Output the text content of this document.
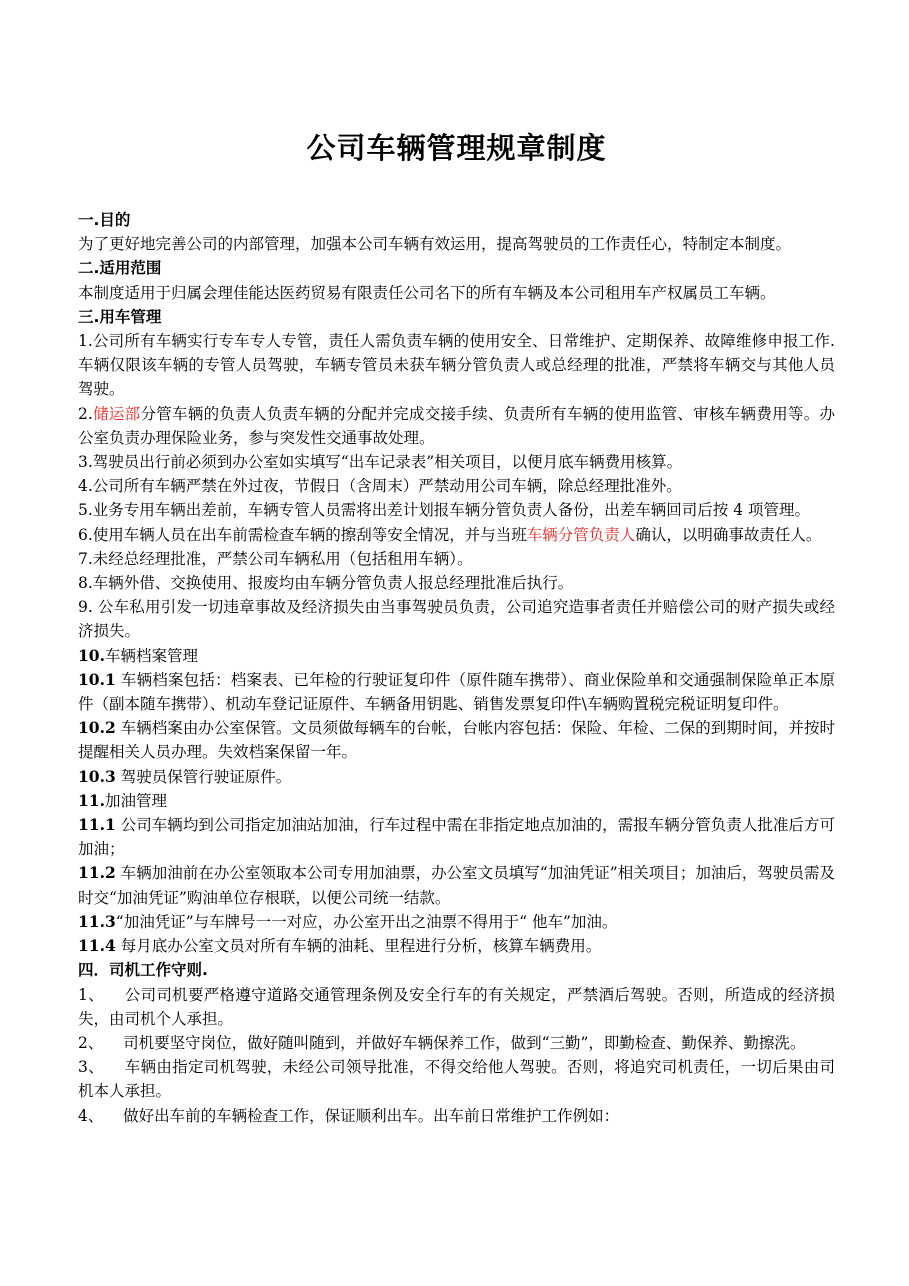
公司车辆管理规章制度

一.目的

为了更好地完善公司的内部管理，加强本公司车辆有效运用，提高驾驶员的工作责任心，特制定本制度。

二.适用范围

本制度适用于归属会理佳能达医药贸易有限责任公司名下的所有车辆及本公司租用车产权属员工车辆。

三.用车管理

1.公司所有车辆实行专车专人专管，责任人需负责车辆的使用安全、日常维护、定期保养、故障维修申报工作.车辆仅限该车辆的专管人员驾驶，车辆专管员未获车辆分管负责人或总经理的批准，严禁将车辆交与其他人员驾驶。

2.储运部分管车辆的负责人负责车辆的分配并完成交接手续、负责所有车辆的使用监管、审核车辆费用等。办公室负责办理保险业务，参与突发性交通事故处理。

3.驾驶员出行前必须到办公室如实填写“出车记录表”相关项目，以便月底车辆费用核算。

4.公司所有车辆严禁在外过夜，节假日（含周末）严禁动用公司车辆，除总经理批准外。

5.业务专用车辆出差前，车辆专管人员需将出差计划报车辆分管负责人备份，出差车辆回司后按 4 项管理。

6.使用车辆人员在出车前需检查车辆的擦刮等安全情况，并与当班车辆分管负责人确认，以明确事故责任人。

7.未经总经理批准，严禁公司车辆私用（包括租用车辆）。

8.车辆外借、交换使用、报废均由车辆分管负责人报总经理批准后执行。

9. 公车私用引发一切违章事故及经济损失由当事驾驶员负责，公司追究造事者责任并赔偿公司的财产损失或经济损失。

10.车辆档案管理

10.1 车辆档案包括：档案表、已年检的行驶证复印件（原件随车携带）、商业保险单和交通强制保险单正本原件（副本随车携带）、机动车登记证原件、车辆备用钥匙、销售发票复印件\车辆购置税完税证明复印件。

10.2 车辆档案由办公室保管。文员须做每辆车的台帐，台帐内容包括：保险、年检、二保的到期时间，并按时提醒相关人员办理。失效档案保留一年。

10.3 驾驶员保管行驶证原件。

11.加油管理

11.1 公司车辆均到公司指定加油站加油，行车过程中需在非指定地点加油的，需报车辆分管负责人批准后方可加油；

11.2 车辆加油前在办公室领取本公司专用加油票，办公室文员填写“加油凭证”相关项目；加油后，驾驶员需及时交“加油凭证”购油单位存根联，以便公司统一结款。

11.3“加油凭证”与车牌号一一对应，办公室开出之油票不得用于“ 他车”加油。

11.4 每月底办公室文员对所有车辆的油耗、里程进行分析，核算车辆费用。

四．司机工作守则.

1、    公司司机要严格遵守道路交通管理条例及安全行车的有关规定，严禁酒后驾驶。否则，所造成的经济损失，由司机个人承担。

2、    司机要坚守岗位，做好随叫随到，并做好车辆保养工作，做到“三勤”，即勤检查、勤保养、勤擦洗。

3、    车辆由指定司机驾驶，未经公司领导批准，不得交给他人驾驶。否则，将追究司机责任，一切后果由司机本人承担。

4、    做好出车前的车辆检查工作，保证顺利出车。出车前日常维护工作例如：
